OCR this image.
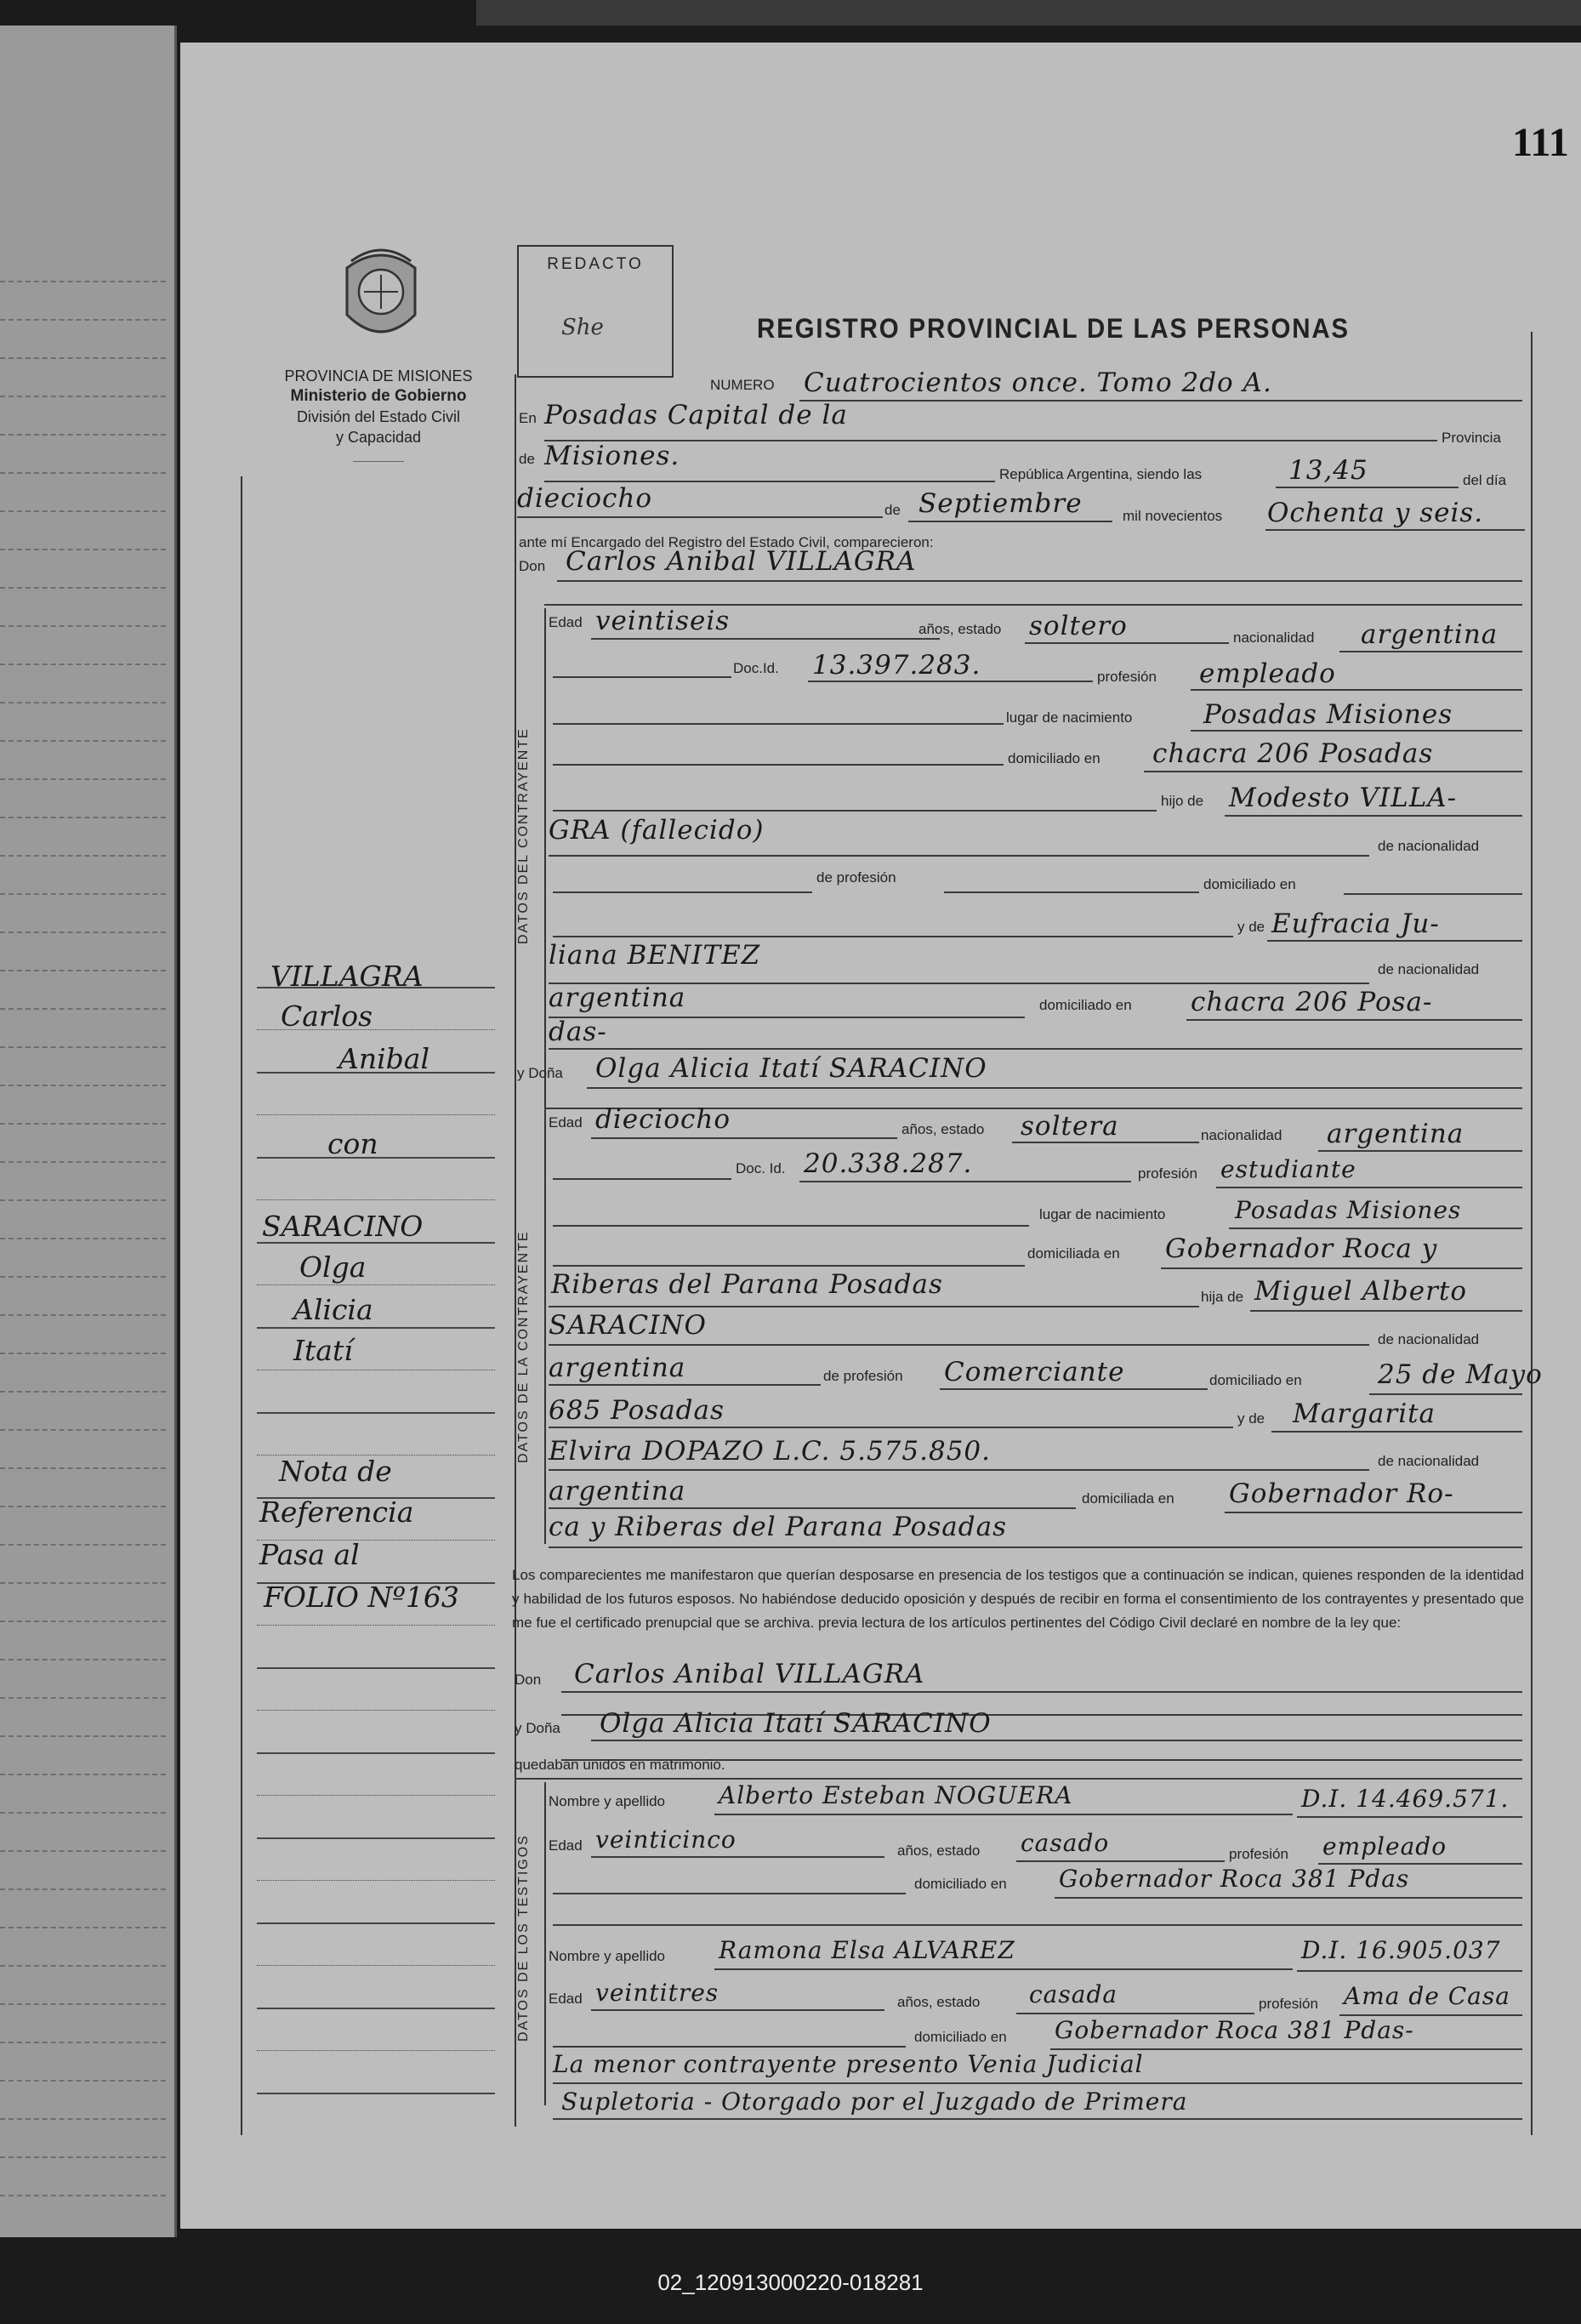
111
PROVINCIA DE MISIONES
Ministerio de Gobierno
División del Estado Civil
y Capacidad
REDACTO
She	REGISTRO PROVINCIAL DE LAS PERSONAS
NUMERO Cuatrocientos once. Tomo 2do A.
En Posadas Capital de la
Provincia
de Misiones.
República Argentina, siendo las	13,45	del día
dieciocho	de Septiembre	mil novecientos Ochenta y seis.
ante mí Encargado del Registro del Estado Civil, comparecieron:
Don Carlos Anibal VILLAGRA
DATOS DEL CONTRAYENTE
Edad veintiseis	años, estado soltero	nacionalidad argentina
Doc.Id. 13.397.283.	profesión empleado
lugar de nacimiento	Posadas Misiones
domiciliado en chacra 206 Posadas
hijo de Modesto VILLA-
GRA (fallecido)
de nacionalidad
de profesión	domiciliado en
y de Eufracia Ju-
liana BENITEZ	de nacionalidad
argentina	domiciliado en chacra 206 Posa-
das-
y Doña Olga Alicia Itatí SARACINO
DATOS DE LA CONTRAYENTE
Edad dieciocho	años, estado soltera	nacionalidad argentina
Doc. Id. 20.338.287.	profesión estudiante
lugar de nacimiento	Posadas Misiones
domiciliada en Gobernador Roca y
Riberas del Parana Posadas	hija de Miguel Alberto
SARACINO	de nacionalidad
argentina	de profesión Comerciante	domiciliado en	25 de Mayo
685 Posadas	y de Margarita
Elvira DOPAZO L.C. 5.575.850.	de nacionalidad
argentina	domiciliada en Gobernador Ro-
ca y Riberas del Parana Posadas
Los comparecientes me manifestaron que querían desposarse en presencia de los testigos que a continuación se indican, quienes responden de la identidad y habilidad de los futuros esposos. No habiéndose deducido oposición y después de recibir en forma el consentimiento de los contrayentes y presentado que me fue el certificado prenupcial que se archiva. previa lectura de los artículos pertinentes del Código Civil declaré en nombre de la ley que:
Don Carlos Anibal VILLAGRA
y Doña Olga Alicia Itatí SARACINO
quedaban unidos en matrimonio.
DATOS DE LOS TESTIGOS
Nombre y apellido Alberto Esteban NOGUERA	D.I. 14.469.571.
Edad veinticinco	años, estado casado	profesión empleado
domiciliado en Gobernador Roca 381 Pdas
Nombre y apellido Ramona Elsa ALVAREZ	D.I. 16.905.037
Edad veintitres	años, estado casada	profesión Ama de Casa
domiciliado en Gobernador Roca 381 Pdas-
La menor contrayente presento Venia Judicial
Supletoria - Otorgado por el Juzgado de Primera
VILLAGRA
Carlos
Anibal
con
SARACINO
Olga
Alicia
Itatí
Nota de
Referencia
Pasa al
FOLIO Nº163
02_120913000220-018281
